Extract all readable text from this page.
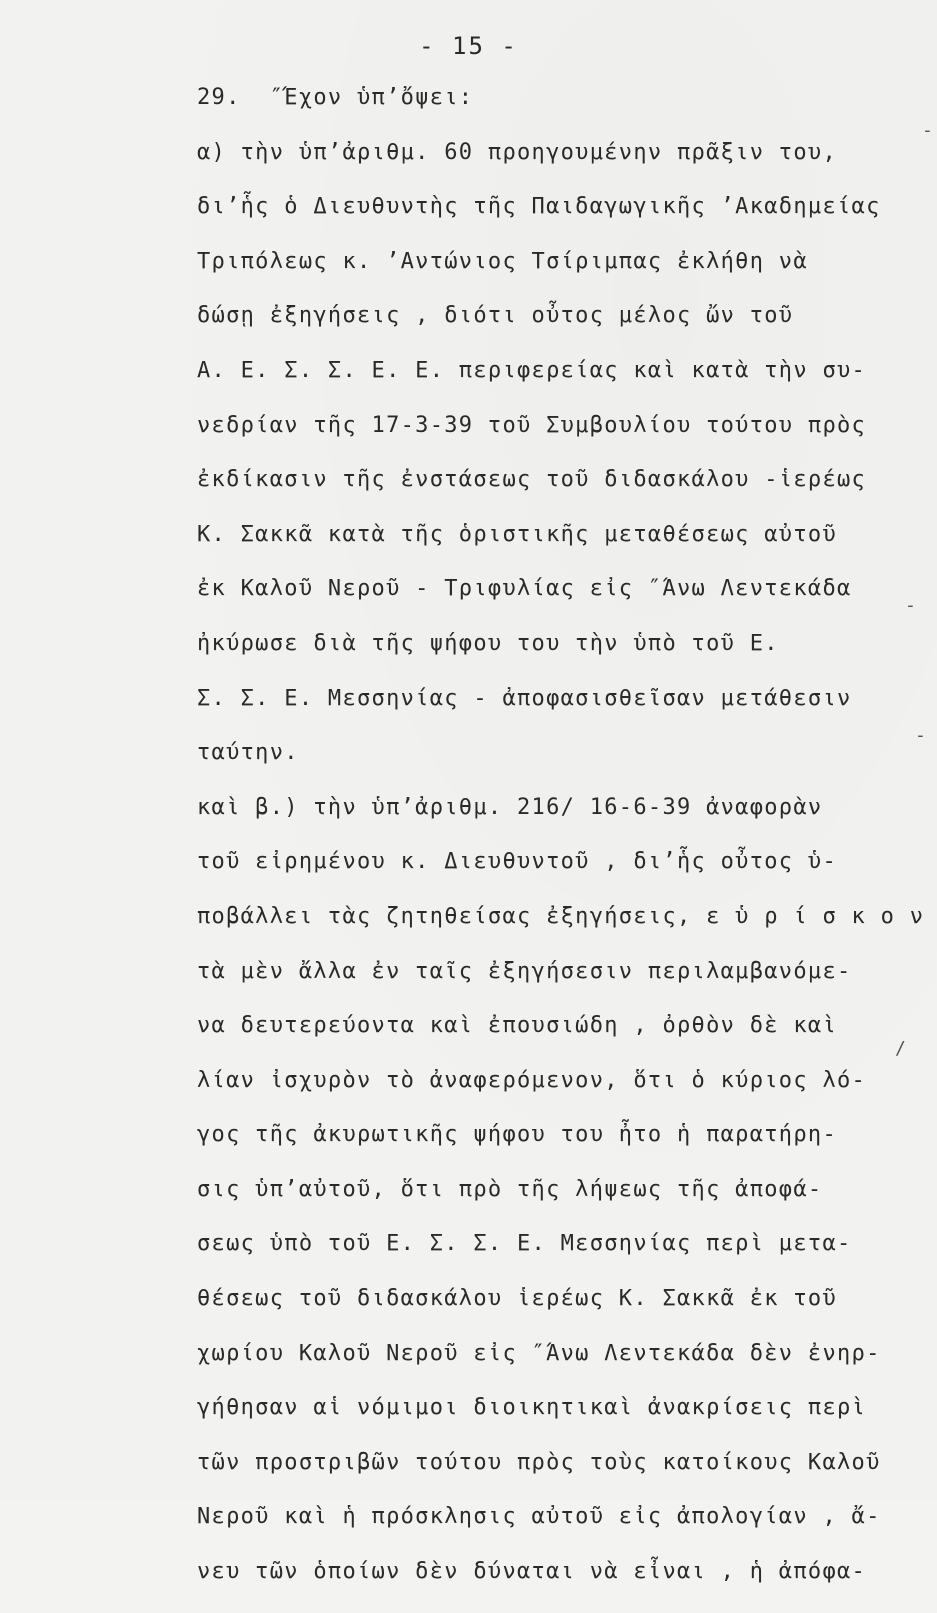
- 15 -
29.  ″Έχον ὑπ’ὄψει:
α) τὴν ὑπ’ἀριθμ. 60 προηγουμένην πρᾶξιν του,
δι’ἧς ὁ Διευθυντὴς τῆς Παιδαγωγικῆς ’Ακαδημείας
Τριπόλεως κ. ’Αντώνιος Τσίριμπας ἐκλήθη νὰ
δώσῃ ἐξηγήσεις , διότι οὖτος μέλος ὤν τοῦ
Α. Ε. Σ. Σ. Ε. Ε. περιφερείας καὶ κατὰ τὴν συ-
νεδρίαν τῆς 17-3-39 τοῦ Συμβουλίου τούτου πρὸς
ἐκδίκασιν τῆς ἐνστάσεως τοῦ διδασκάλου -ἱερέως
Κ. Σακκᾶ κατὰ τῆς ὁριστικῆς μεταθέσεως αὐτοῦ
ἐκ Καλοῦ Νεροῦ - Τριφυλίας εἰς ″Άνω Λεντεκάδα
ἠκύρωσε διὰ τῆς ψήφου του τὴν ὑπὸ τοῦ Ε.
Σ. Σ. Ε. Μεσσηνίας - ἀποφασισθεῖσαν μετάθεσιν
ταύτην.
καὶ β.) τὴν ὑπ’ἀριθμ. 216/ 16-6-39 ἀναφορὰν
τοῦ εἰρημένου κ. Διευθυντοῦ , δι’ἧς οὖτος ὑ-
ποβάλλει τὰς ζητηθείσας ἐξηγήσεις, ε ὑ ρ ί σ κ ο ν
τὰ μὲν ἄλλα ἐν ταῖς ἐξηγήσεσιν περιλαμβανόμε-
να δευτερεύοντα καὶ ἐπουσιώδη , ὀρθὸν δὲ καὶ
λίαν ἰσχυρὸν τὸ ἀναφερόμενον, ὅτι ὁ κύριος λό-
γος τῆς ἀκυρωτικῆς ψήφου του ἦτο ἡ παρατήρη-
σις ὑπ’αὐτοῦ, ὅτι πρὸ τῆς λήψεως τῆς ἀποφά-
σεως ὑπὸ τοῦ Ε. Σ. Σ. Ε. Μεσσηνίας περὶ μετα-
θέσεως τοῦ διδασκάλου ἱερέως Κ. Σακκᾶ ἐκ τοῦ
χωρίου Καλοῦ Νεροῦ εἰς ″Άνω Λεντεκάδα δὲν ἐνηρ-
γήθησαν αἱ νόμιμοι διοικητικαὶ ἀνακρίσεις περὶ
τῶν προστριβῶν τούτου πρὸς τοὺς κατοίκους Καλοῦ
Νεροῦ καὶ ἡ πρόσκλησις αὐτοῦ εἰς ἀπολογίαν , ἄ-
νευ τῶν ὁποίων δὲν δύναται νὰ εἶναι , ἡ ἀπόφα-
-
-
-
/
